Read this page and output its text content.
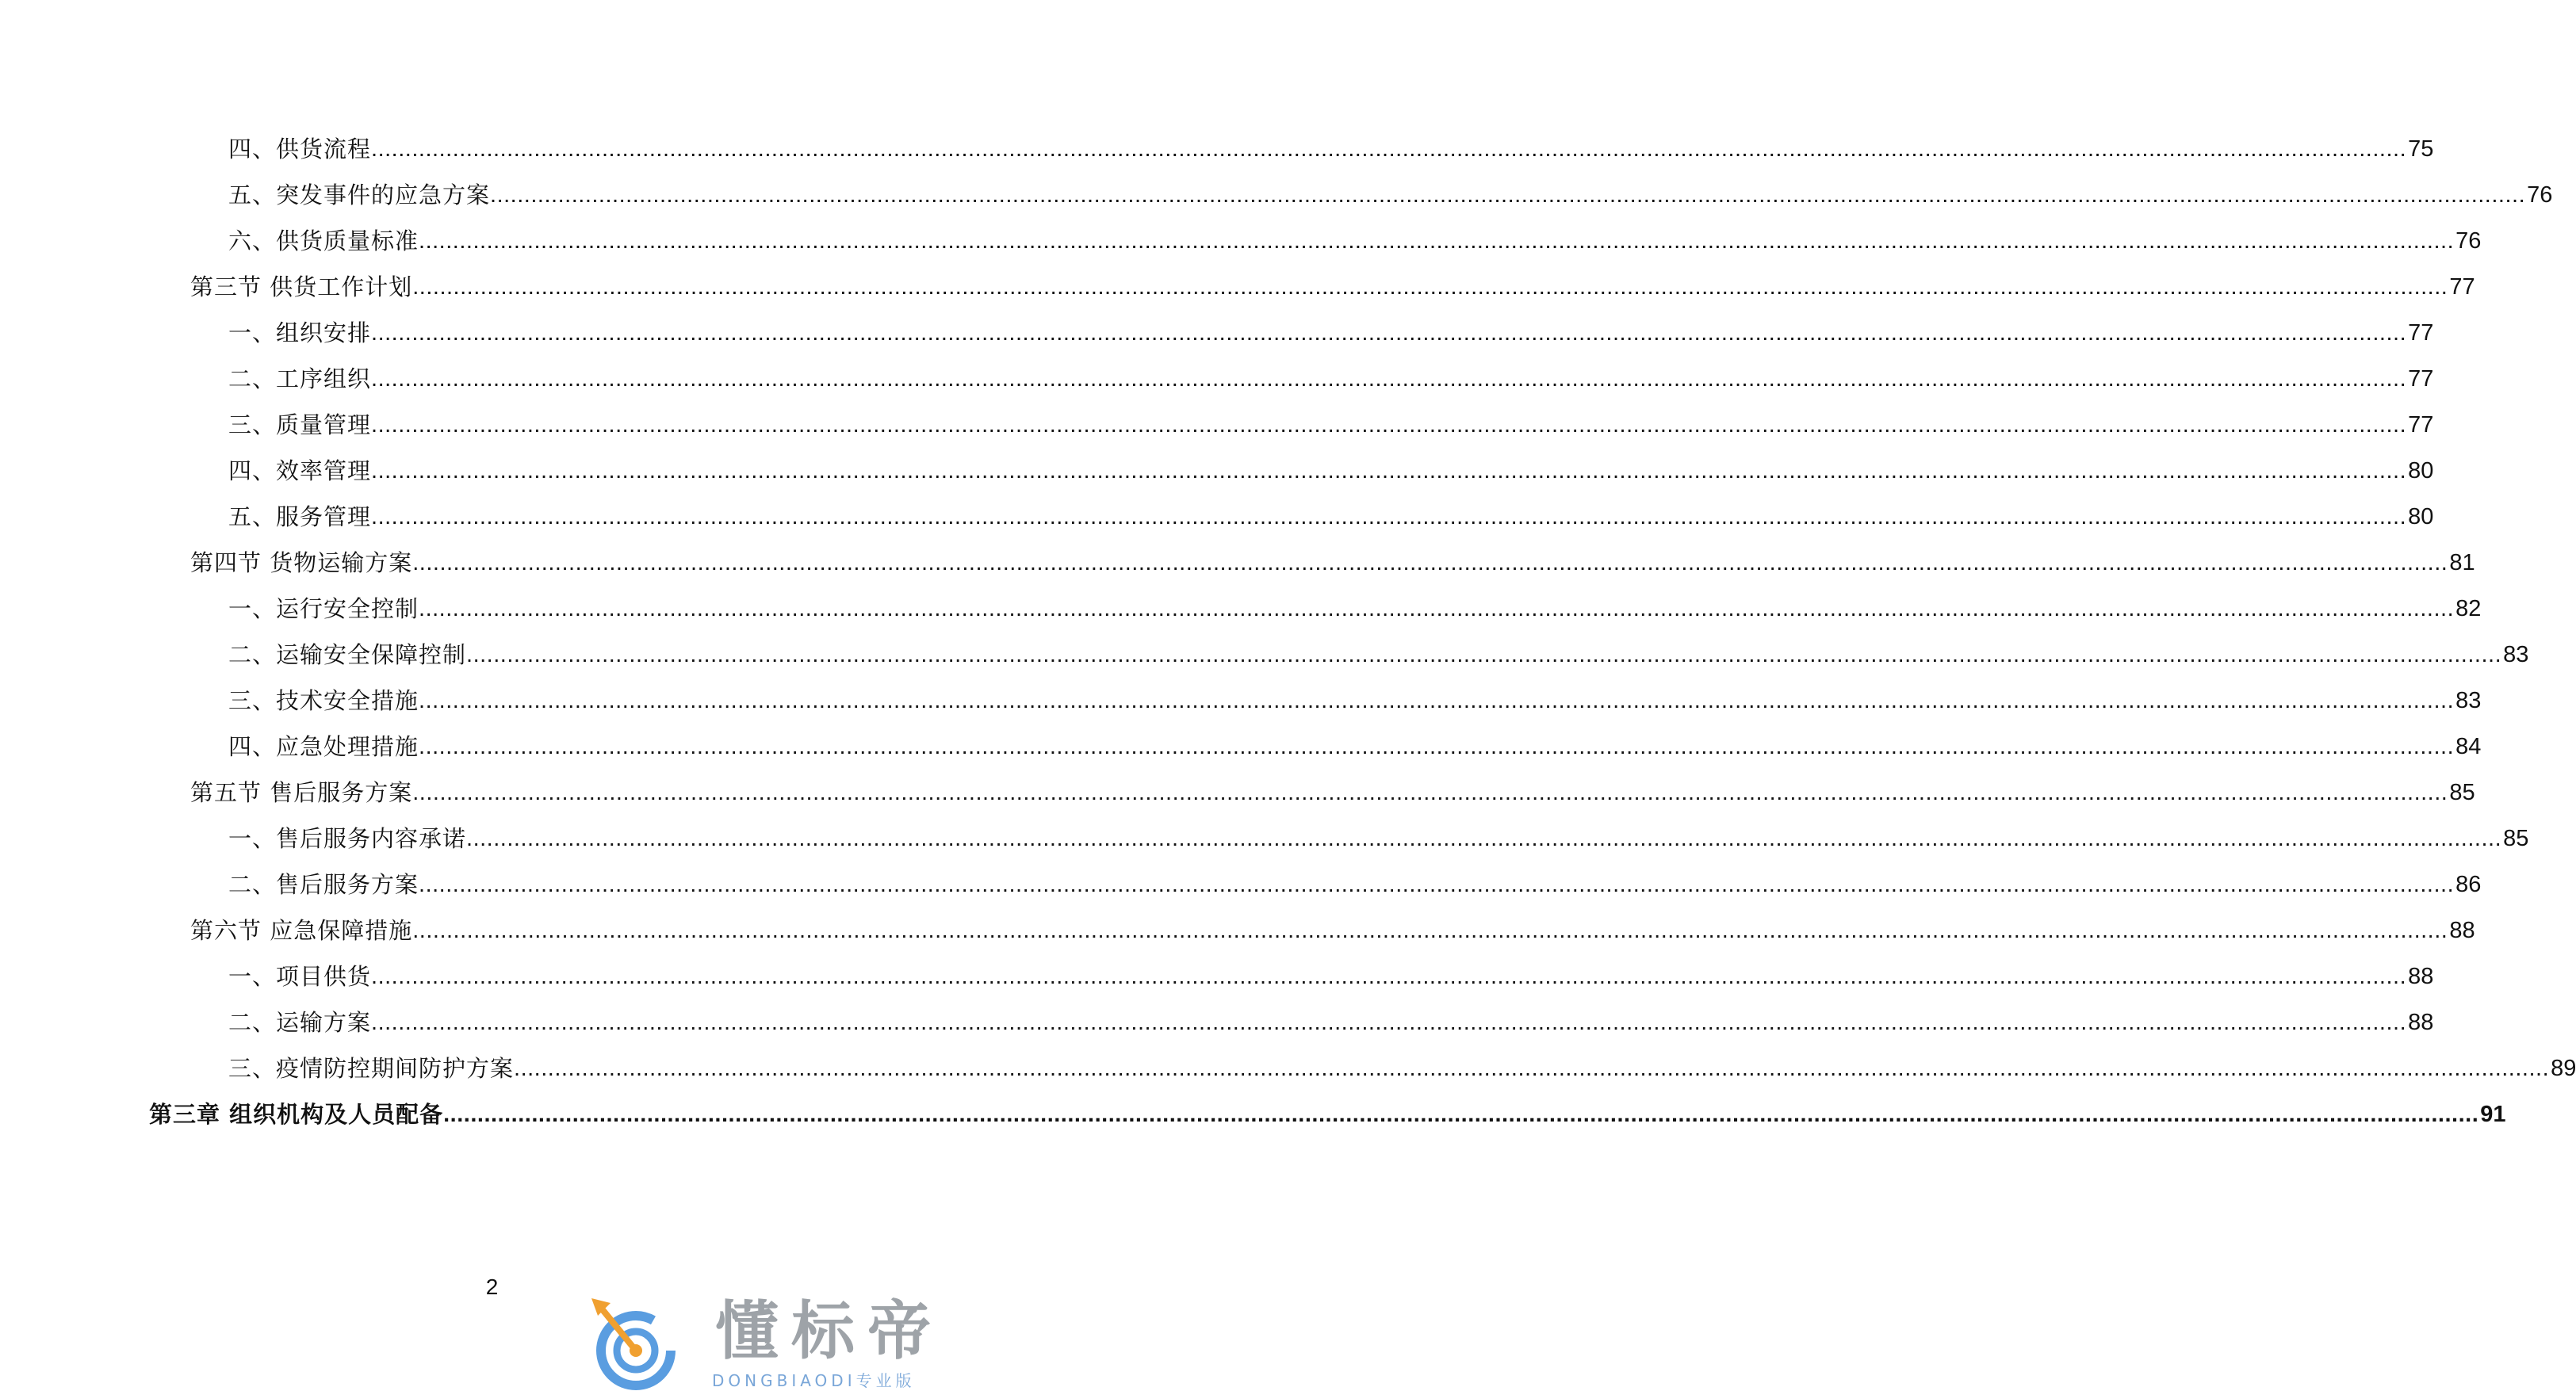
四、供货流程 ............................................................................................................................................................................................................................................................................................................ 75
五、突发事件的应急方案 ............................................................................................................................................................................................................................................................................................................ 76
六、供货质量标准 ............................................................................................................................................................................................................................................................................................................ 76
第三节 供货工作计划 ............................................................................................................................................................................................................................................................................................................ 77
一、组织安排 ............................................................................................................................................................................................................................................................................................................ 77
二、工序组织 ............................................................................................................................................................................................................................................................................................................ 77
三、质量管理 ............................................................................................................................................................................................................................................................................................................ 77
四、效率管理 ............................................................................................................................................................................................................................................................................................................ 80
五、服务管理 ............................................................................................................................................................................................................................................................................................................ 80
第四节 货物运输方案 ............................................................................................................................................................................................................................................................................................................ 81
一、运行安全控制 ............................................................................................................................................................................................................................................................................................................ 82
二、运输安全保障控制 ............................................................................................................................................................................................................................................................................................................ 83
三、技术安全措施 ............................................................................................................................................................................................................................................................................................................ 83
四、应急处理措施 ............................................................................................................................................................................................................................................................................................................ 84
第五节 售后服务方案 ............................................................................................................................................................................................................................................................................................................ 85
一、售后服务内容承诺 ............................................................................................................................................................................................................................................................................................................ 85
二、售后服务方案 ............................................................................................................................................................................................................................................................................................................ 86
第六节 应急保障措施 ............................................................................................................................................................................................................................................................................................................ 88
一、项目供货 ............................................................................................................................................................................................................................................................................................................ 88
二、运输方案 ............................................................................................................................................................................................................................................................................................................ 88
三、疫情防控期间防护方案 ............................................................................................................................................................................................................................................................................................................ 89
第三章 组织机构及人员配备 ............................................................................................................................................................................................................................................................................................................ 91
2
懂标帝
DONGBIAODI专业版
